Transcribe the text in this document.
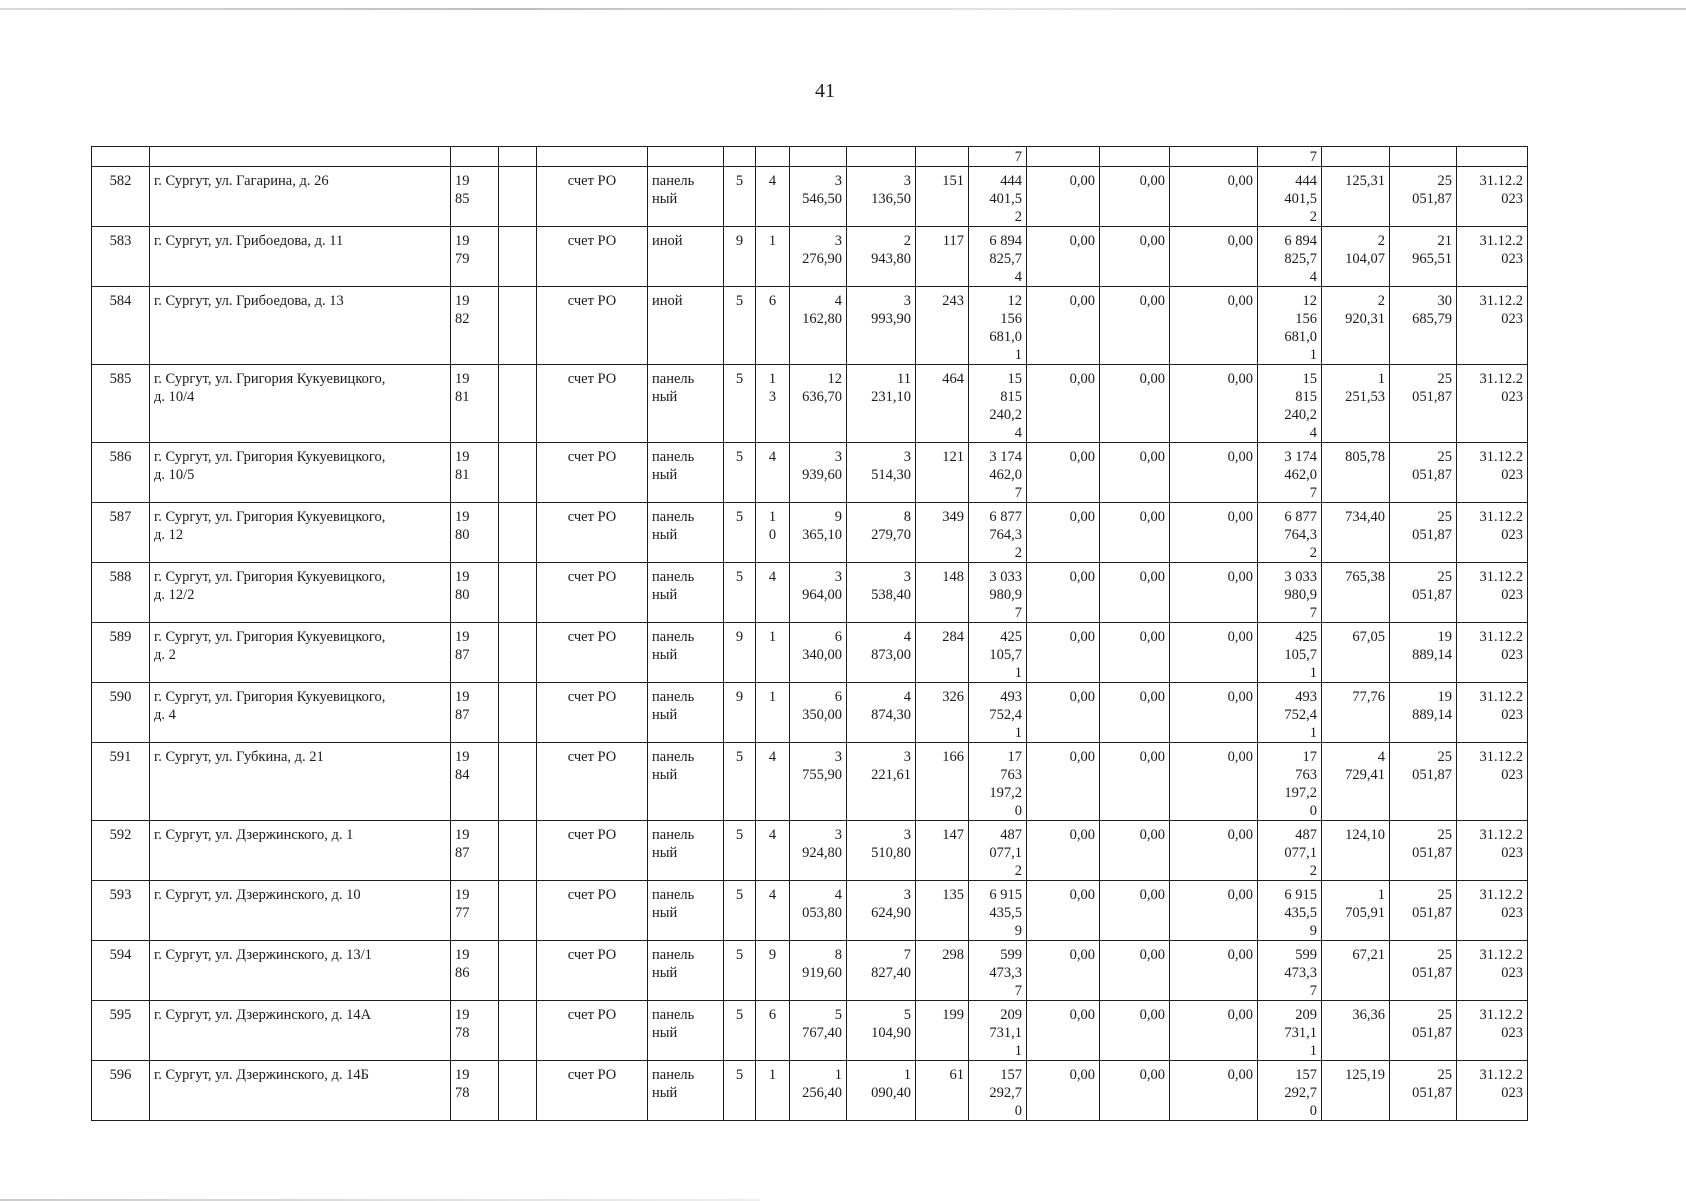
41
											7				7			
582	г. Сургут, ул. Гагарина, д. 26	19
85		счет РО	панель
ный	5	4	3
546,50	3
136,50	151	444
401,5
2	0,00	0,00	0,00	444
401,5
2	125,31	25
051,87	31.12.2
023
583	г. Сургут, ул. Грибоедова, д. 11	19
79		счет РО	иной	9	1	3
276,90	2
943,80	117	6 894
825,7
4	0,00	0,00	0,00	6 894
825,7
4	2
104,07	21
965,51	31.12.2
023
584	г. Сургут, ул. Грибоедова, д. 13	19
82		счет РО	иной	5	6	4
162,80	3
993,90	243	12
156
681,0
1	0,00	0,00	0,00	12
156
681,0
1	2
920,31	30
685,79	31.12.2
023
585	г. Сургут, ул. Григория Кукуевицкого,
д. 10/4	19
81		счет РО	панель
ный	5	1
3	12
636,70	11
231,10	464	15
815
240,2
4	0,00	0,00	0,00	15
815
240,2
4	1
251,53	25
051,87	31.12.2
023
586	г. Сургут, ул. Григория Кукуевицкого,
д. 10/5	19
81		счет РО	панель
ный	5	4	3
939,60	3
514,30	121	3 174
462,0
7	0,00	0,00	0,00	3 174
462,0
7	805,78	25
051,87	31.12.2
023
587	г. Сургут, ул. Григория Кукуевицкого,
д. 12	19
80		счет РО	панель
ный	5	1
0	9
365,10	8
279,70	349	6 877
764,3
2	0,00	0,00	0,00	6 877
764,3
2	734,40	25
051,87	31.12.2
023
588	г. Сургут, ул. Григория Кукуевицкого,
д. 12/2	19
80		счет РО	панель
ный	5	4	3
964,00	3
538,40	148	3 033
980,9
7	0,00	0,00	0,00	3 033
980,9
7	765,38	25
051,87	31.12.2
023
589	г. Сургут, ул. Григория Кукуевицкого,
д. 2	19
87		счет РО	панель
ный	9	1	6
340,00	4
873,00	284	425
105,7
1	0,00	0,00	0,00	425
105,7
1	67,05	19
889,14	31.12.2
023
590	г. Сургут, ул. Григория Кукуевицкого,
д. 4	19
87		счет РО	панель
ный	9	1	6
350,00	4
874,30	326	493
752,4
1	0,00	0,00	0,00	493
752,4
1	77,76	19
889,14	31.12.2
023
591	г. Сургут, ул. Губкина, д. 21	19
84		счет РО	панель
ный	5	4	3
755,90	3
221,61	166	17
763
197,2
0	0,00	0,00	0,00	17
763
197,2
0	4
729,41	25
051,87	31.12.2
023
592	г. Сургут, ул. Дзержинского, д. 1	19
87		счет РО	панель
ный	5	4	3
924,80	3
510,80	147	487
077,1
2	0,00	0,00	0,00	487
077,1
2	124,10	25
051,87	31.12.2
023
593	г. Сургут, ул. Дзержинского, д. 10	19
77		счет РО	панель
ный	5	4	4
053,80	3
624,90	135	6 915
435,5
9	0,00	0,00	0,00	6 915
435,5
9	1
705,91	25
051,87	31.12.2
023
594	г. Сургут, ул. Дзержинского, д. 13/1	19
86		счет РО	панель
ный	5	9	8
919,60	7
827,40	298	599
473,3
7	0,00	0,00	0,00	599
473,3
7	67,21	25
051,87	31.12.2
023
595	г. Сургут, ул. Дзержинского, д. 14А	19
78		счет РО	панель
ный	5	6	5
767,40	5
104,90	199	209
731,1
1	0,00	0,00	0,00	209
731,1
1	36,36	25
051,87	31.12.2
023
596	г. Сургут, ул. Дзержинского, д. 14Б	19
78		счет РО	панель
ный	5	1	1
256,40	1
090,40	61	157
292,7
0	0,00	0,00	0,00	157
292,7
0	125,19	25
051,87	31.12.2
023
